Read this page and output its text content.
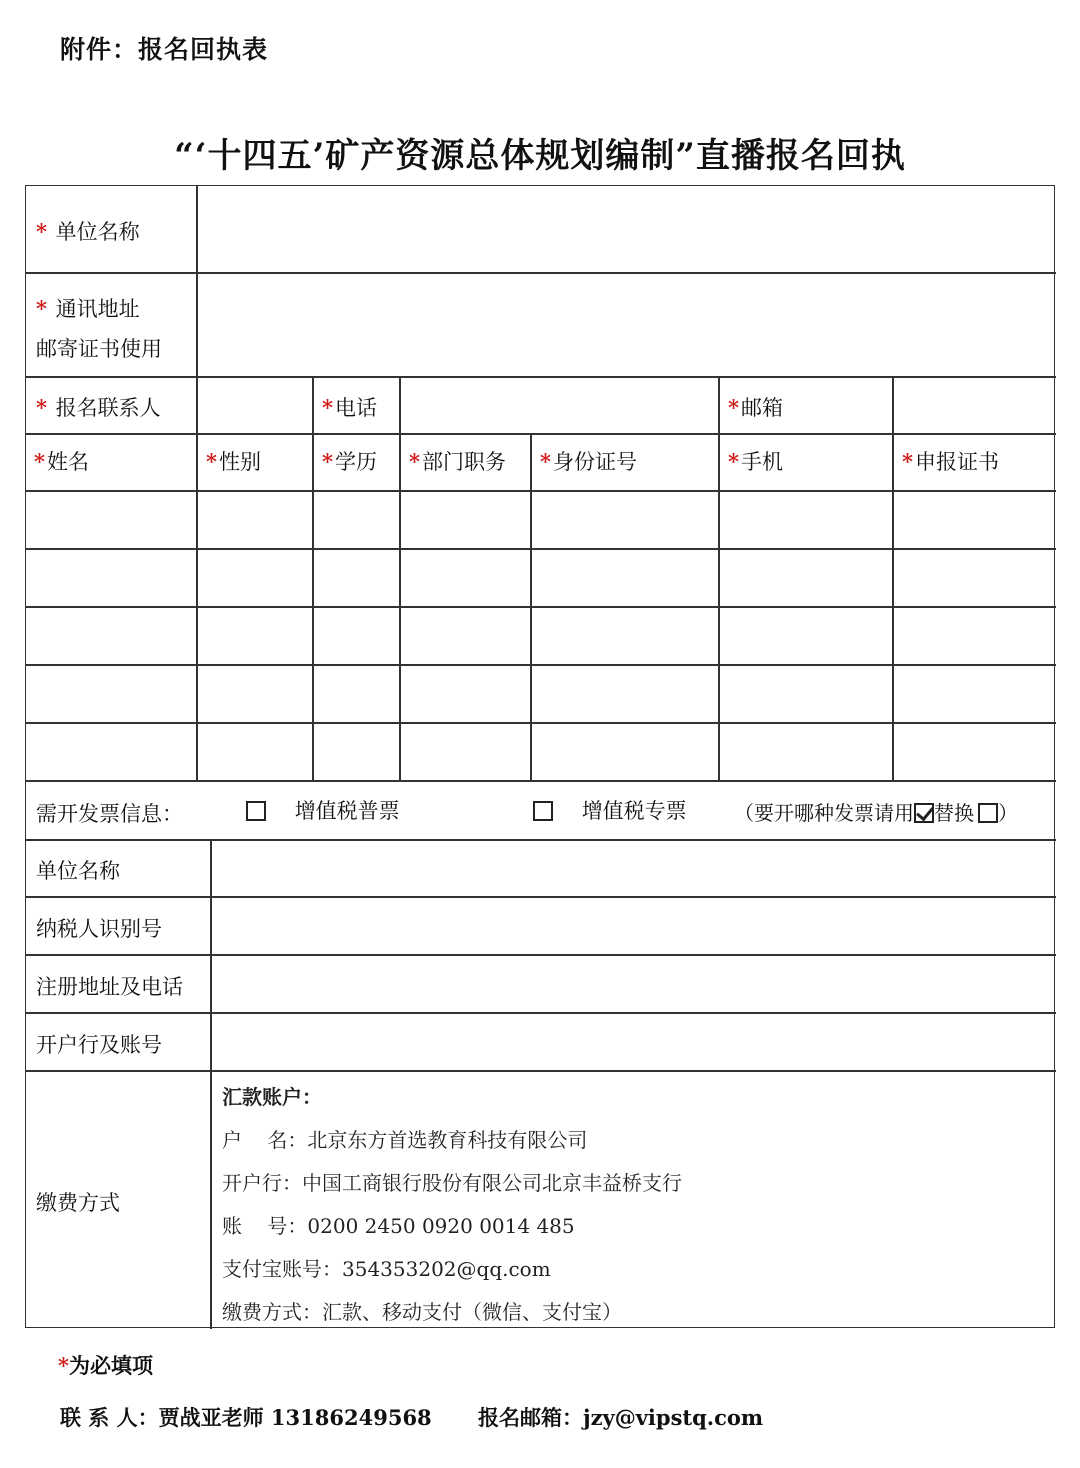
附件：报名回执表
“‘十四五’矿产资源总体规划编制”直播报名回执
* 单位名称
* 通讯地址
邮寄证书使用
* 报名联系人	*电话	*邮箱
*姓名	*性别	*学历 *部门职务 *身份证号	*手机	*申报证书
需开发票信息：	增值税普票	增值税专票 （要开哪种发票请用 替换 ）
单位名称
纳税人识别号
注册地址及电话
开户行及账号
缴费方式
汇款账户：
户    名：北京东方首选教育科技有限公司
开户行：中国工商银行股份有限公司北京丰益桥支行
账    号：0200 2450 0920 0014 485
支付宝账号：354353202@qq.com
缴费方式：汇款、移动支付（微信、支付宝）
*为必填项
联 系 人：贾战亚老师 13186249568 报名邮箱：jzy@vipstq.com
